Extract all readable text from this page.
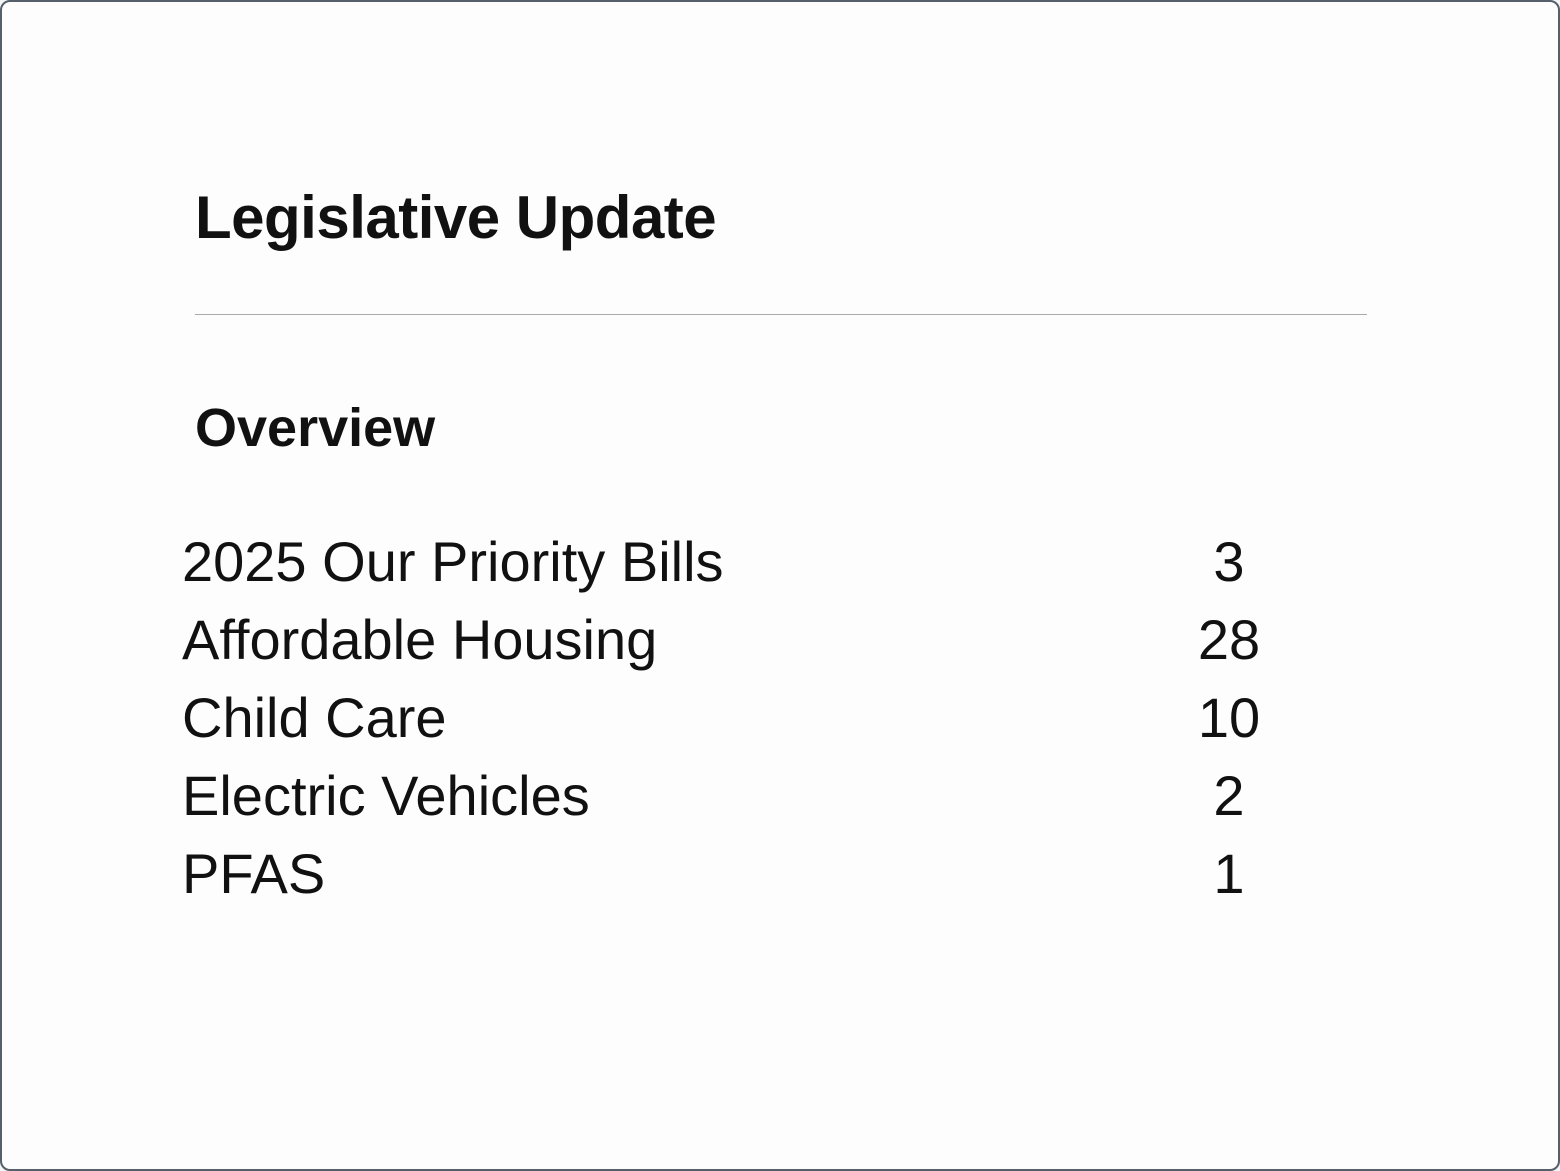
Legislative Update
Overview
2025 Our Priority Bills	3
Affordable Housing	28
Child Care	10
Electric Vehicles	2
PFAS	1
